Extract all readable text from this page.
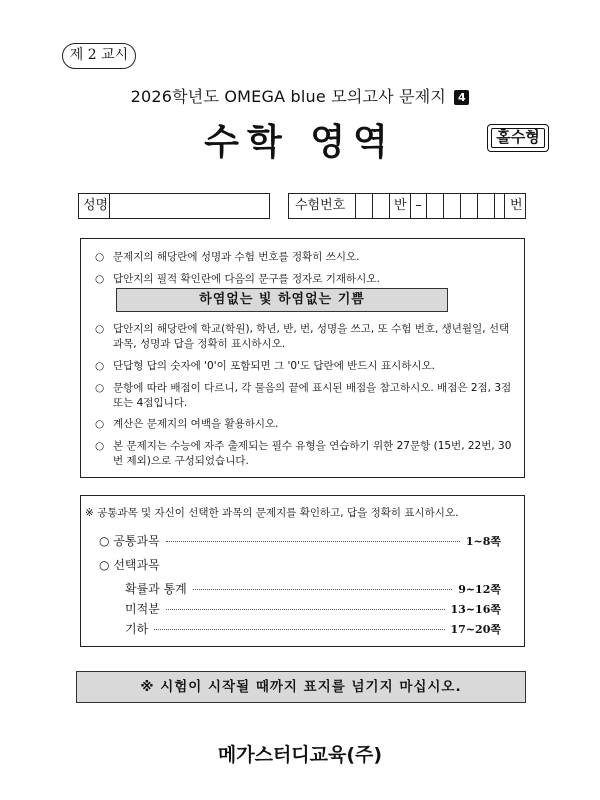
제 2 교시
2026학년도 OMEGA blue 모의고사 문제지 4
수학 영역	홀수형
성명	수험번호	반 –	번
○ 문제지의 해당란에 성명과 수험 번호를 정확히 쓰시오.
○ 답안지의 필적 확인란에 다음의 문구를 정자로 기재하시오.
○ 답안지의 해당란에 학교(학원), 학년, 반, 번, 성명을 쓰고, 또 수험 번호, 생년월일, 선택과목, 성명과 답을 정확히 표시하시오.
○ 단답형 답의 숫자에 '0'이 포함되면 그 '0'도 답란에 반드시 표시하시오.
○ 문항에 따라 배점이 다르니, 각 물음의 끝에 표시된 배점을 참고하시오. 배점은 2점, 3점 또는 4점입니다.
○ 계산은 문제지의 여백을 활용하시오.
○ 본 문제지는 수능에 자주 출제되는 필수 유형을 연습하기 위한 27문항 (15번, 22번, 30번 제외)으로 구성되었습니다.
하염없는 빛 하염없는 기쁨
※ 공통과목 및 자신이 선택한 과목의 문제지를 확인하고, 답을 정확히 표시하시오.
○ 공통과목	1~8쪽
○ 선택과목
확률과 통계	9~12쪽
미적분	13~16쪽
기하	17~20쪽
※ 시험이 시작될 때까지 표지를 넘기지 마십시오.
메가스터디교육(주)
